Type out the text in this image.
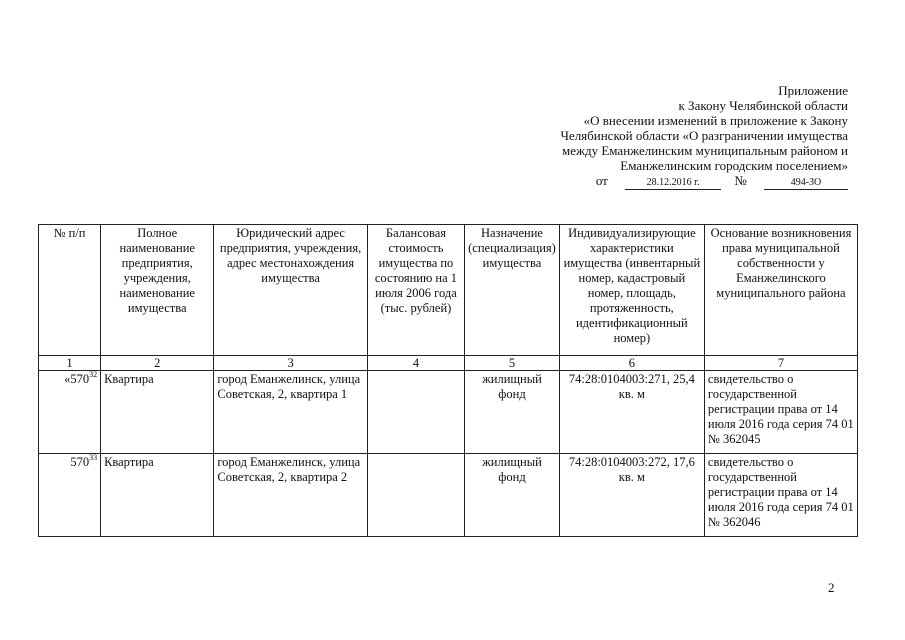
Приложение
к Закону Челябинской области
«О внесении изменений в приложение к Закону
Челябинской области «О разграничении имущества
между Еманжелинским муниципальным районом и
Еманжелинским городским поселением»
от	28.12.2016 г.	№	494-ЗО
№ п/п	Полное наименование предприятия, учреждения, наименование имущества	Юридический адрес предприятия, учреждения, адрес местонахождения имущества	Балансовая стоимость имущества по состоянию на 1 июля 2006 года (тыс. рублей)	Назначение (специализация) имущества	Индивидуализирующие характеристики имущества (инвентарный номер, кадастровый номер, площадь, протяженность, идентификационный номер)	Основание возникновения права муниципальной собственности у Еманжелинского муниципального района
1	2	3	4	5	6	7
«$570^{32}$	Квартира	город Еманжелинск, улица Советская, 2, квартира 1		жилищный фонд	74:28:0104003:271, 25,4 кв. м	свидетельство о государственной регистрации права от 14 июля 2016 года серия 74 01 № 362045
$570^{33}$	Квартира	город Еманжелинск, улица Советская, 2, квартира 2		жилищный фонд	74:28:0104003:272, 17,6 кв. м	свидетельство о государственной регистрации права от 14 июля 2016 года серия 74 01 № 362046
2
